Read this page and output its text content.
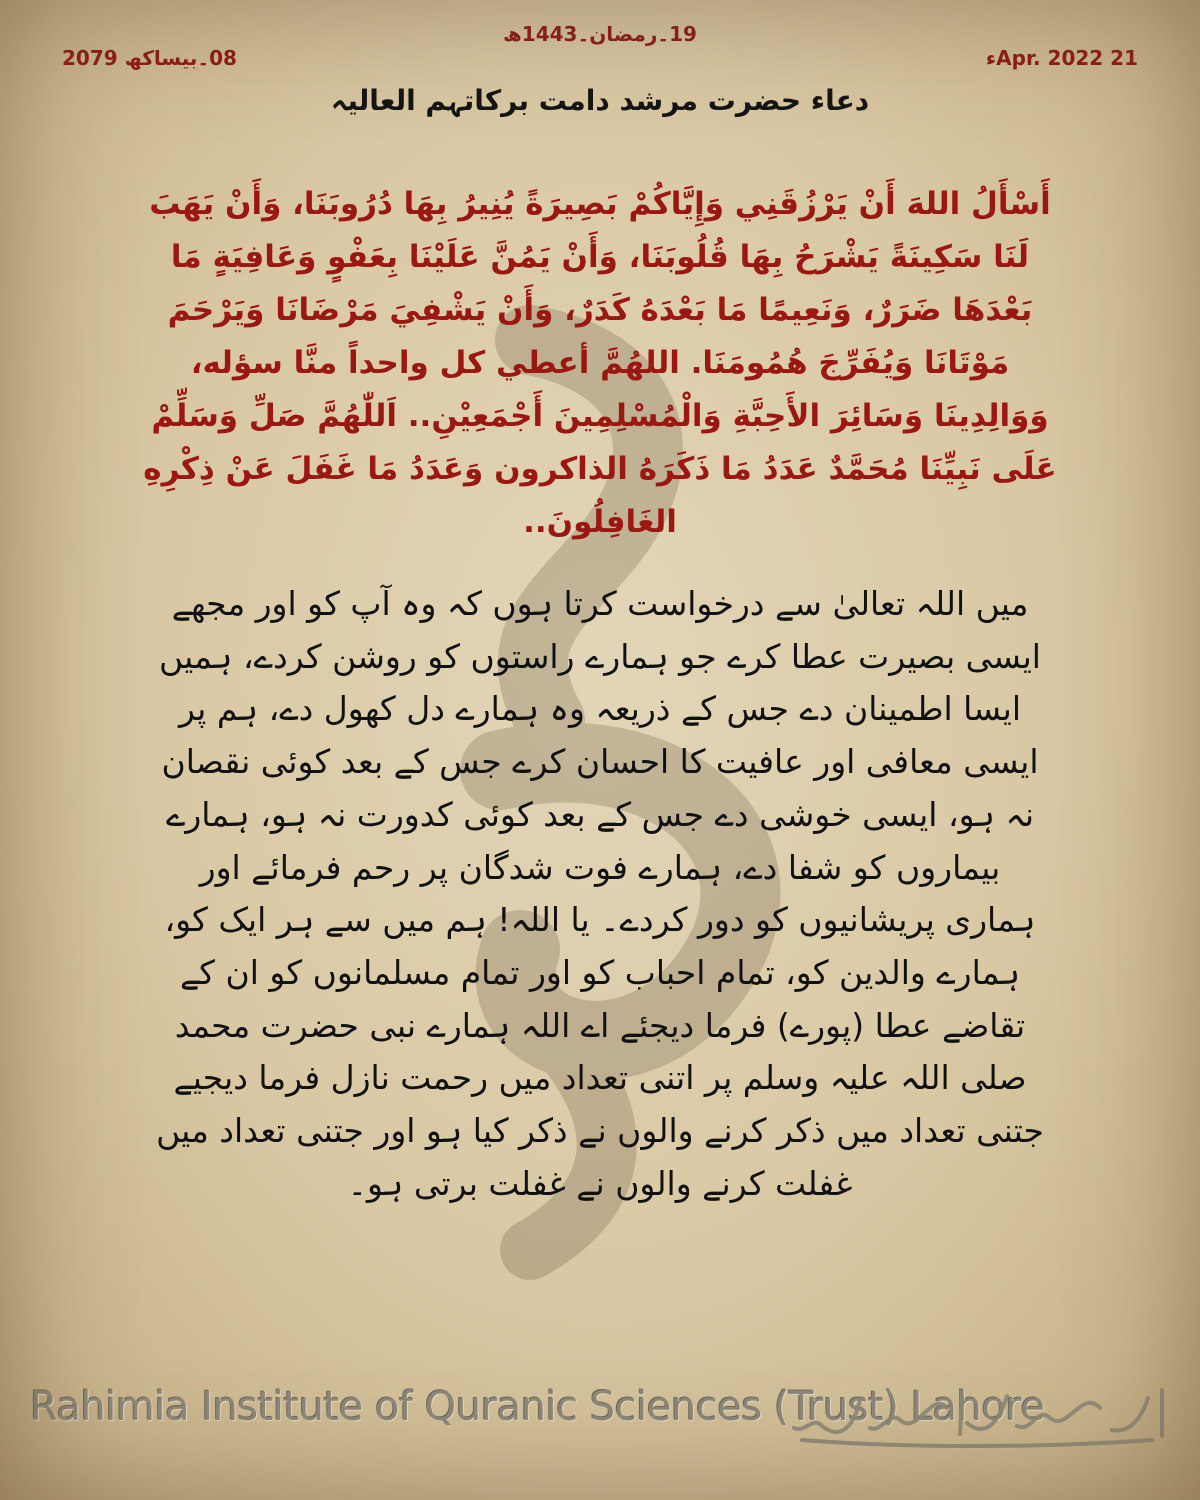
19۔رمضان۔1443ھ
08۔بیساکھ 2079	21 Apr. 2022ء
دعاء حضرت مرشد دامت برکاتہم العالیہ
أَسْأَلُ اللهَ أَنْ يَرْزُقَنِي وَإِيَّاكُمْ بَصِيرَةً يُنِيرُ بِهَا دُرُوبَنَا، وَأَنْ يَهَبَ لَنَا سَكِينَةً يَشْرَحُ بِهَا قُلُوبَنَا، وَأَنْ يَمُنَّ عَلَيْنَا بِعَفْوٍ وَعَافِيَةٍ مَا بَعْدَهَا ضَرَرٌ، وَنَعِيمًا مَا بَعْدَهُ كَدَرٌ، وَأَنْ يَشْفِيَ مَرْضَانَا وَيَرْحَمَ مَوْتَانَا وَيُفَرِّجَ هُمُومَنَا. اللهُمَّ أعطي كل واحداً منَّا سؤله، وَوَالِدِينَا وَسَائِرَ الأَحِبَّةِ وَالْمُسْلِمِينَ أَجْمَعِيْنِ.. اَللّٰهُمَّ صَلِّ وَسَلِّمْ عَلَى نَبِيِّنَا مُحَمَّدٌ عَدَدُ مَا ذَكَرَهُ الذاكرون وَعَدَدُ مَا غَفَلَ عَنْ ذِكْرِهِ الغَافِلُونَ..
میں اللہ تعالیٰ سے درخواست کرتا ہوں کہ وہ آپ کو اور مجھے ایسی بصیرت عطا کرے جو ہمارے راستوں کو روشن کردے، ہمیں ایسا اطمینان دے جس کے ذریعہ وہ ہمارے دل کھول دے، ہم پر ایسی معافی اور عافیت کا احسان کرے جس کے بعد کوئی نقصان نہ ہو، ایسی خوشی دے جس کے بعد کوئی کدورت نہ ہو، ہمارے بیماروں کو شفا دے، ہمارے فوت شدگان پر رحم فرمائے اور ہماری پریشانیوں کو دور کردے۔ یا اللہ! ہم میں سے ہر ایک کو، ہمارے والدین کو، تمام احباب کو اور تمام مسلمانوں کو ان کے تقاضے عطا (پورے) فرما دیجئے اے اللہ ہمارے نبی حضرت محمد صلی اللہ علیہ وسلم پر اتنی تعداد میں رحمت نازل فرما دیجیے جتنی تعداد میں ذکر کرنے والوں نے ذکر کیا ہو اور جتنی تعداد میں غفلت کرنے والوں نے غفلت برتی ہو۔
Rahimia Institute of Quranic Sciences (Trust) Lahore
